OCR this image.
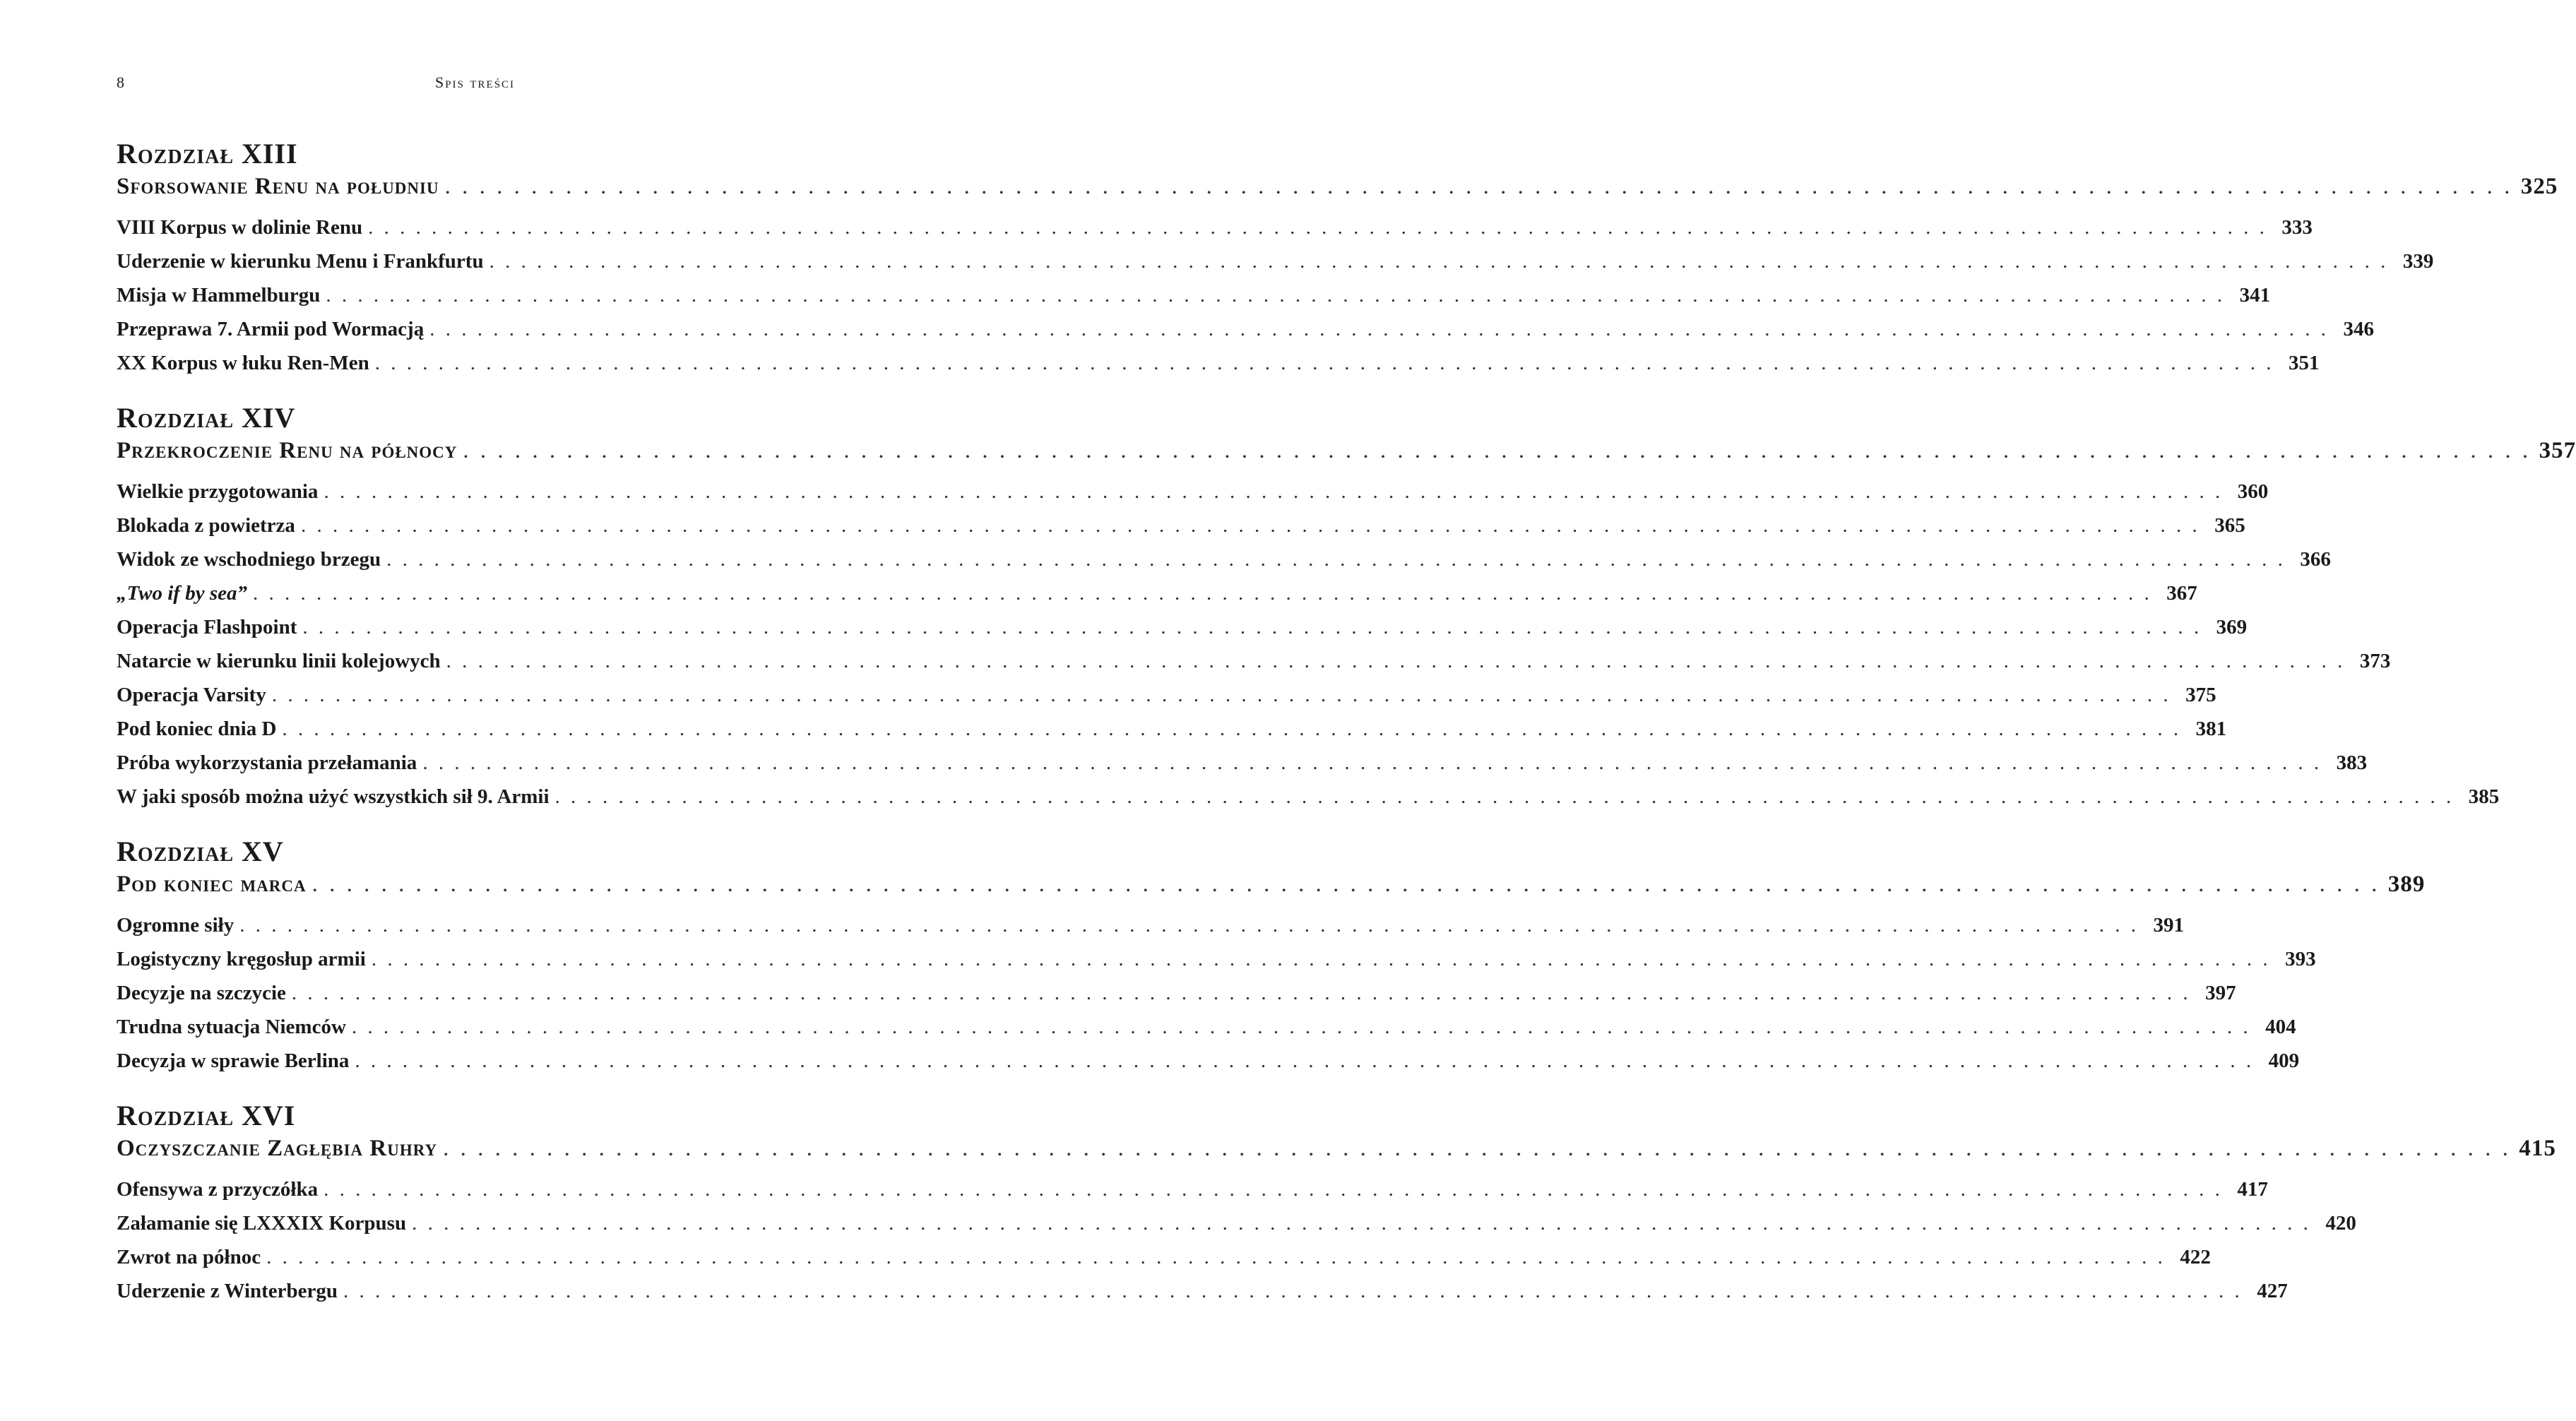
8	Spis treści
Rozdział XIII
Sforsowanie Renu na południu . . . . . . . . . . . . . . . . . . . . . . . . . . . . . . . . . . . . . . . . . . . . . . . . . . . . . . . . . . . . . . . . . . . . . . . . . . . . . . . . . . . . . . . . . . . . . . . . . . . . . . . . . . . . . . . . . . . . . . . . 325
VIII Korpus w dolinie Renu . . . . . . . . . . . . . . . . . . . . . . . . . . . . . . . . . . . . . . . . . . . . . . . . . . . . . . . . . . . . . . . . . . . . . . . . . . . . . . . . . . . . . . . . . . . . . . . . . . . . . . . . . . . . . . . . . . . . . . . . 333
Uderzenie w kierunku Menu i Frankfurtu . . . . . . . . . . . . . . . . . . . . . . . . . . . . . . . . . . . . . . . . . . . . . . . . . . . . . . . . . . . . . . . . . . . . . . . . . . . . . . . . . . . . . . . . . . . . . . . . . . . . . . . . . . . . . . . . . . . . . . . . 339
Misja w Hammelburgu . . . . . . . . . . . . . . . . . . . . . . . . . . . . . . . . . . . . . . . . . . . . . . . . . . . . . . . . . . . . . . . . . . . . . . . . . . . . . . . . . . . . . . . . . . . . . . . . . . . . . . . . . . . . . . . . . . . . . . . . 341
Przeprawa 7. Armii pod Wormacją . . . . . . . . . . . . . . . . . . . . . . . . . . . . . . . . . . . . . . . . . . . . . . . . . . . . . . . . . . . . . . . . . . . . . . . . . . . . . . . . . . . . . . . . . . . . . . . . . . . . . . . . . . . . . . . . . . . . . . . . 346
XX Korpus w łuku Ren-Men . . . . . . . . . . . . . . . . . . . . . . . . . . . . . . . . . . . . . . . . . . . . . . . . . . . . . . . . . . . . . . . . . . . . . . . . . . . . . . . . . . . . . . . . . . . . . . . . . . . . . . . . . . . . . . . . . . . . . . . . 351
Rozdział XIV
Przekroczenie Renu na północy . . . . . . . . . . . . . . . . . . . . . . . . . . . . . . . . . . . . . . . . . . . . . . . . . . . . . . . . . . . . . . . . . . . . . . . . . . . . . . . . . . . . . . . . . . . . . . . . . . . . . . . . . . . . . . . . . . . . . . . . 357
Wielkie przygotowania . . . . . . . . . . . . . . . . . . . . . . . . . . . . . . . . . . . . . . . . . . . . . . . . . . . . . . . . . . . . . . . . . . . . . . . . . . . . . . . . . . . . . . . . . . . . . . . . . . . . . . . . . . . . . . . . . . . . . . . . 360
Blokada z powietrza . . . . . . . . . . . . . . . . . . . . . . . . . . . . . . . . . . . . . . . . . . . . . . . . . . . . . . . . . . . . . . . . . . . . . . . . . . . . . . . . . . . . . . . . . . . . . . . . . . . . . . . . . . . . . . . . . . . . . . . . 365
Widok ze wschodniego brzegu . . . . . . . . . . . . . . . . . . . . . . . . . . . . . . . . . . . . . . . . . . . . . . . . . . . . . . . . . . . . . . . . . . . . . . . . . . . . . . . . . . . . . . . . . . . . . . . . . . . . . . . . . . . . . . . . . . . . . . . . 366
„Two if by sea” . . . . . . . . . . . . . . . . . . . . . . . . . . . . . . . . . . . . . . . . . . . . . . . . . . . . . . . . . . . . . . . . . . . . . . . . . . . . . . . . . . . . . . . . . . . . . . . . . . . . . . . . . . . . . . . . . . . . . . . . 367
Operacja Flashpoint . . . . . . . . . . . . . . . . . . . . . . . . . . . . . . . . . . . . . . . . . . . . . . . . . . . . . . . . . . . . . . . . . . . . . . . . . . . . . . . . . . . . . . . . . . . . . . . . . . . . . . . . . . . . . . . . . . . . . . . . 369
Natarcie w kierunku linii kolejowych . . . . . . . . . . . . . . . . . . . . . . . . . . . . . . . . . . . . . . . . . . . . . . . . . . . . . . . . . . . . . . . . . . . . . . . . . . . . . . . . . . . . . . . . . . . . . . . . . . . . . . . . . . . . . . . . . . . . . . . . 373
Operacja Varsity . . . . . . . . . . . . . . . . . . . . . . . . . . . . . . . . . . . . . . . . . . . . . . . . . . . . . . . . . . . . . . . . . . . . . . . . . . . . . . . . . . . . . . . . . . . . . . . . . . . . . . . . . . . . . . . . . . . . . . . . 375
Pod koniec dnia D . . . . . . . . . . . . . . . . . . . . . . . . . . . . . . . . . . . . . . . . . . . . . . . . . . . . . . . . . . . . . . . . . . . . . . . . . . . . . . . . . . . . . . . . . . . . . . . . . . . . . . . . . . . . . . . . . . . . . . . . 381
Próba wykorzystania przełamania . . . . . . . . . . . . . . . . . . . . . . . . . . . . . . . . . . . . . . . . . . . . . . . . . . . . . . . . . . . . . . . . . . . . . . . . . . . . . . . . . . . . . . . . . . . . . . . . . . . . . . . . . . . . . . . . . . . . . . . . 383
W jaki sposób można użyć wszystkich sił 9. Armii . . . . . . . . . . . . . . . . . . . . . . . . . . . . . . . . . . . . . . . . . . . . . . . . . . . . . . . . . . . . . . . . . . . . . . . . . . . . . . . . . . . . . . . . . . . . . . . . . . . . . . . . . . . . . . . . . . . . . . . . 385
Rozdział XV
Pod koniec marca . . . . . . . . . . . . . . . . . . . . . . . . . . . . . . . . . . . . . . . . . . . . . . . . . . . . . . . . . . . . . . . . . . . . . . . . . . . . . . . . . . . . . . . . . . . . . . . . . . . . . . . . . . . . . . . . . . . . . . . . 389
Ogromne siły . . . . . . . . . . . . . . . . . . . . . . . . . . . . . . . . . . . . . . . . . . . . . . . . . . . . . . . . . . . . . . . . . . . . . . . . . . . . . . . . . . . . . . . . . . . . . . . . . . . . . . . . . . . . . . . . . . . . . . . . 391
Logistyczny kręgosłup armii . . . . . . . . . . . . . . . . . . . . . . . . . . . . . . . . . . . . . . . . . . . . . . . . . . . . . . . . . . . . . . . . . . . . . . . . . . . . . . . . . . . . . . . . . . . . . . . . . . . . . . . . . . . . . . . . . . . . . . . . 393
Decyzje na szczycie . . . . . . . . . . . . . . . . . . . . . . . . . . . . . . . . . . . . . . . . . . . . . . . . . . . . . . . . . . . . . . . . . . . . . . . . . . . . . . . . . . . . . . . . . . . . . . . . . . . . . . . . . . . . . . . . . . . . . . . . 397
Trudna sytuacja Niemców . . . . . . . . . . . . . . . . . . . . . . . . . . . . . . . . . . . . . . . . . . . . . . . . . . . . . . . . . . . . . . . . . . . . . . . . . . . . . . . . . . . . . . . . . . . . . . . . . . . . . . . . . . . . . . . . . . . . . . . . 404
Decyzja w sprawie Berlina . . . . . . . . . . . . . . . . . . . . . . . . . . . . . . . . . . . . . . . . . . . . . . . . . . . . . . . . . . . . . . . . . . . . . . . . . . . . . . . . . . . . . . . . . . . . . . . . . . . . . . . . . . . . . . . . . . . . . . . . 409
Rozdział XVI
Oczyszczanie Zagłębia Ruhry . . . . . . . . . . . . . . . . . . . . . . . . . . . . . . . . . . . . . . . . . . . . . . . . . . . . . . . . . . . . . . . . . . . . . . . . . . . . . . . . . . . . . . . . . . . . . . . . . . . . . . . . . . . . . . . . . . . . . . . . 415
Ofensywa z przyczółka . . . . . . . . . . . . . . . . . . . . . . . . . . . . . . . . . . . . . . . . . . . . . . . . . . . . . . . . . . . . . . . . . . . . . . . . . . . . . . . . . . . . . . . . . . . . . . . . . . . . . . . . . . . . . . . . . . . . . . . . 417
Załamanie się LXXXIX Korpusu . . . . . . . . . . . . . . . . . . . . . . . . . . . . . . . . . . . . . . . . . . . . . . . . . . . . . . . . . . . . . . . . . . . . . . . . . . . . . . . . . . . . . . . . . . . . . . . . . . . . . . . . . . . . . . . . . . . . . . . . 420
Zwrot na północ . . . . . . . . . . . . . . . . . . . . . . . . . . . . . . . . . . . . . . . . . . . . . . . . . . . . . . . . . . . . . . . . . . . . . . . . . . . . . . . . . . . . . . . . . . . . . . . . . . . . . . . . . . . . . . . . . . . . . . . . 422
Uderzenie z Winterbergu . . . . . . . . . . . . . . . . . . . . . . . . . . . . . . . . . . . . . . . . . . . . . . . . . . . . . . . . . . . . . . . . . . . . . . . . . . . . . . . . . . . . . . . . . . . . . . . . . . . . . . . . . . . . . . . . . . . . . . . . 427
